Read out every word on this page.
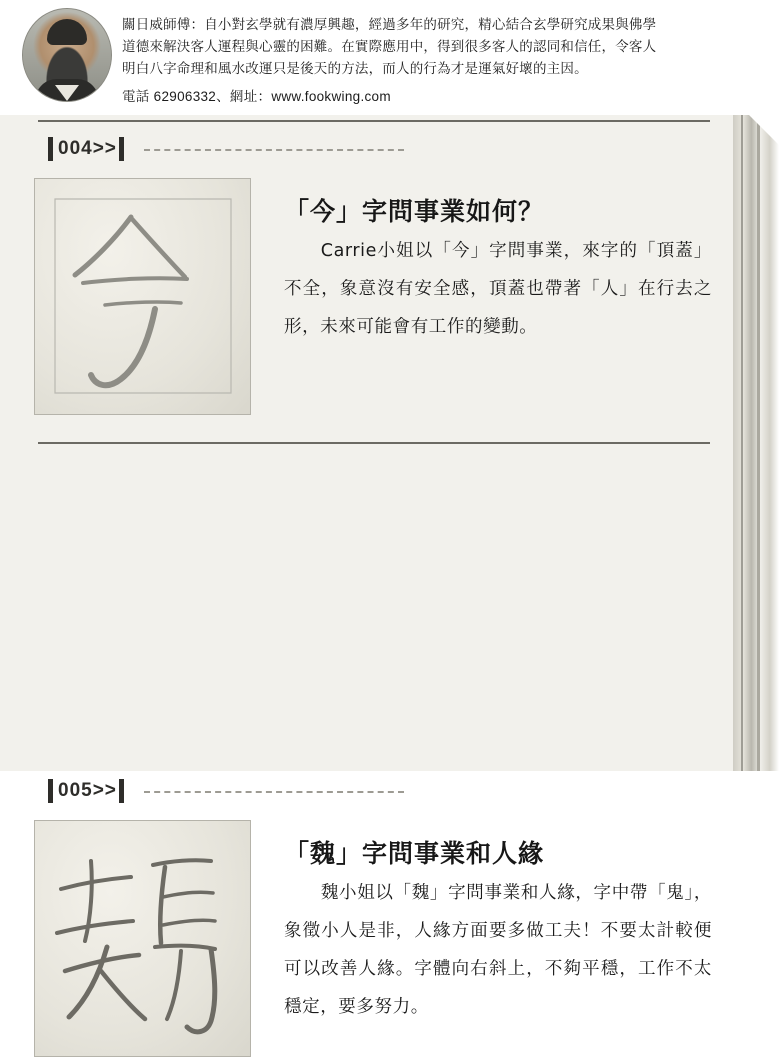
關日威師傅：自小對玄學就有濃厚興趣，經過多年的研究，精心結合玄學研究成果與佛學

道德來解決客人運程與心靈的困難。在實際應用中，得到很多客人的認同和信任，令客人

明白八字命理和風水改運只是後天的方法，而人的行為才是運氣好壞的主因。

電話 62906332、網址：www.fookwing.com

004>>
「今」字問事業如何？
Carrie小姐以「今」字問事業，來字的「頂蓋」不全，象意沒有安全感，頂蓋也帶著「人」在行去之形，未來可能會有工作的變動。
005>>
「魏」字問事業和人緣
魏小姐以「魏」字問事業和人緣，字中帶「鬼」，象徵小人是非，人緣方面要多做工夫！不要太計較便可以改善人緣。字體向右斜上，不夠平穩，工作不太穩定，要多努力。
